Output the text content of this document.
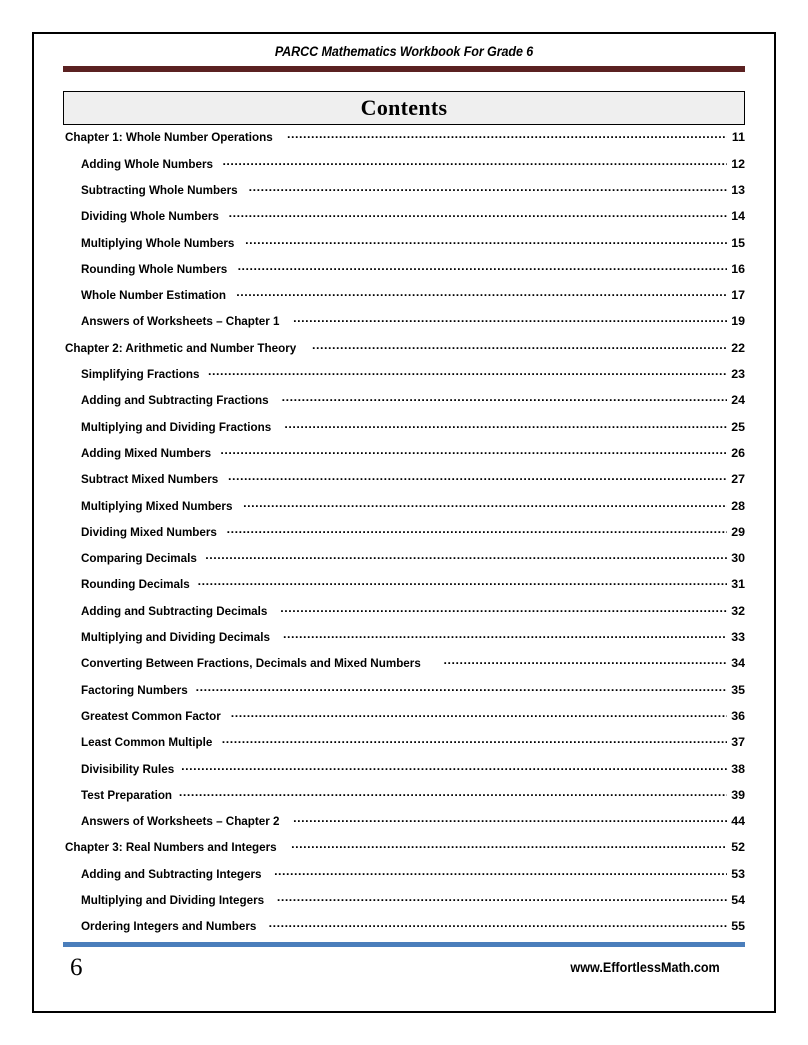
PARCC Mathematics Workbook For Grade 6
Contents
Chapter 1: Whole Number Operations .....	11
Adding Whole Numbers .....	12
Subtracting Whole Numbers .....	13
Dividing Whole Numbers .....	14
Multiplying Whole Numbers .....	15
Rounding Whole Numbers .....	16
Whole Number Estimation .....	17
Answers of Worksheets – Chapter 1 .....	19
Chapter 2: Arithmetic and Number Theory .....	22
Simplifying Fractions .....	23
Adding and Subtracting Fractions .....	24
Multiplying and Dividing Fractions .....	25
Adding Mixed Numbers .....	26
Subtract Mixed Numbers .....	27
Multiplying Mixed Numbers .....	28
Dividing Mixed Numbers .....	29
Comparing Decimals .....	30
Rounding Decimals .....	31
Adding and Subtracting Decimals .....	32
Multiplying and Dividing Decimals .....	33
Converting Between Fractions, Decimals and Mixed Numbers .....	34
Factoring Numbers .....	35
Greatest Common Factor .....	36
Least Common Multiple .....	37
Divisibility Rules .....	38
Test Preparation .....	39
Answers of Worksheets – Chapter 2 .....	44
Chapter 3: Real Numbers and Integers .....	52
Adding and Subtracting Integers .....	53
Multiplying and Dividing Integers .....	54
Ordering Integers and Numbers .....	55
6	www.EffortlessMath.com
